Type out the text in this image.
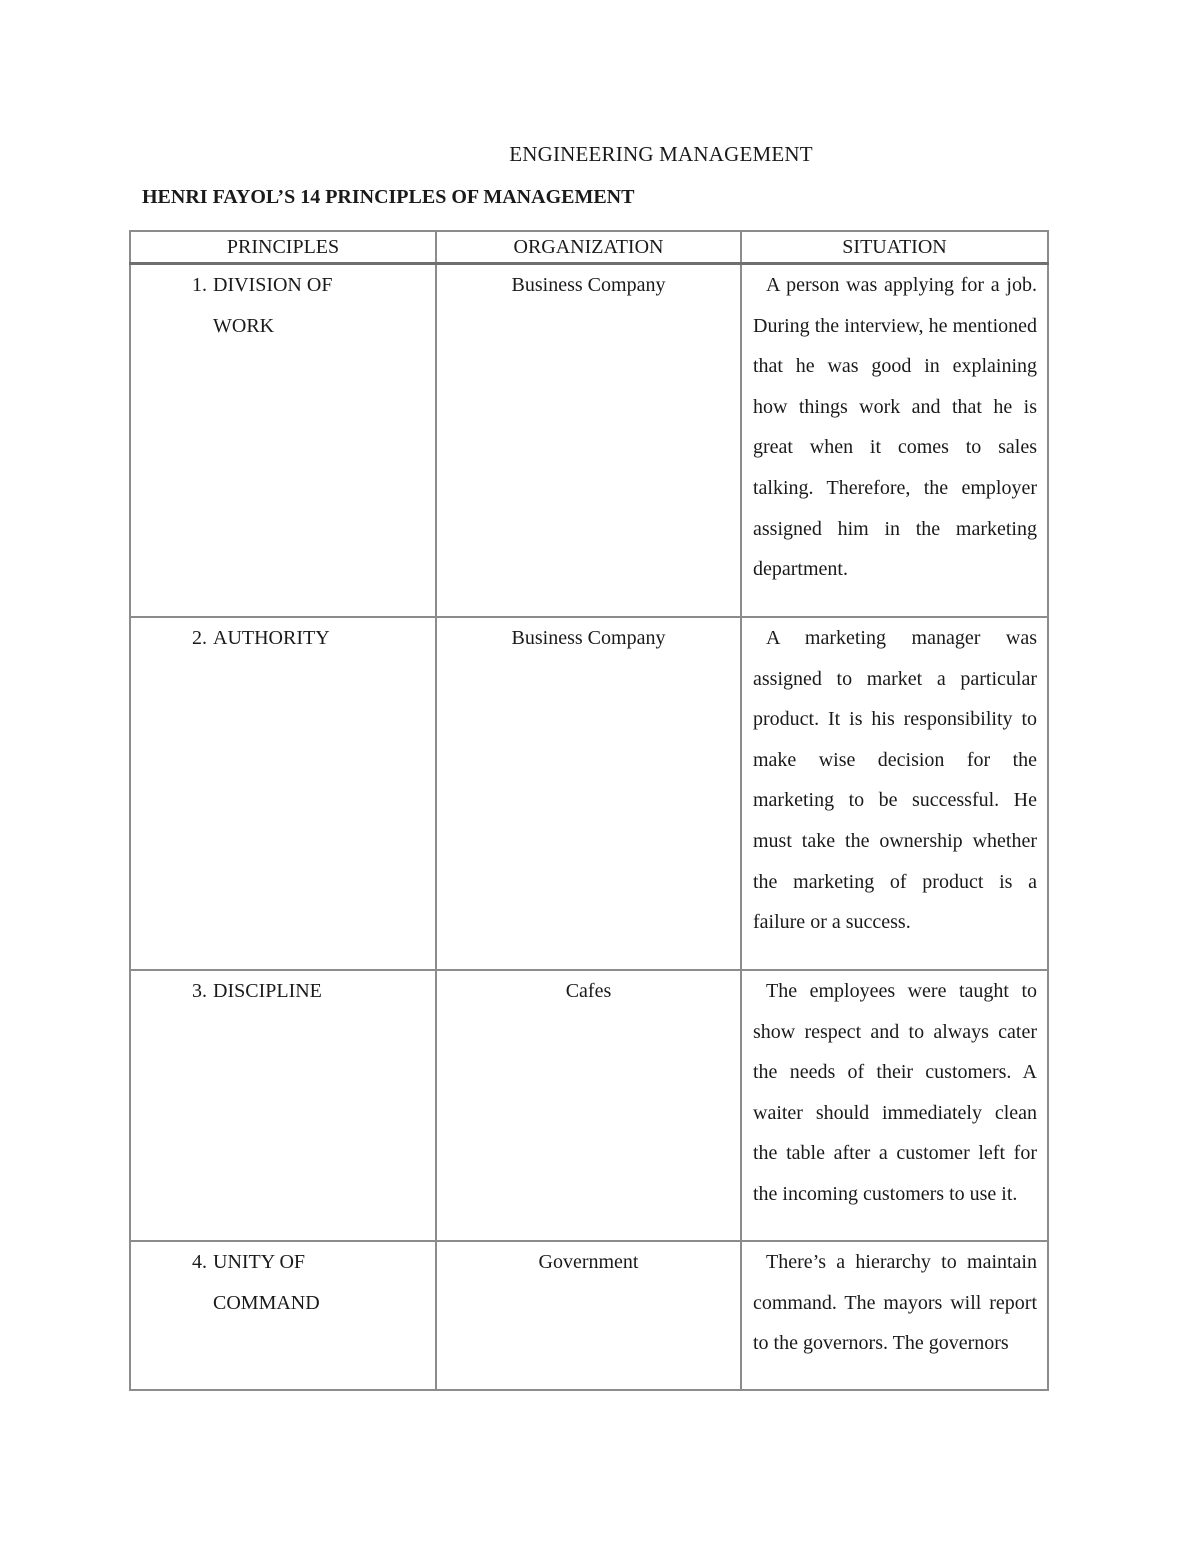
ENGINEERING MANAGEMENT
HENRI FAYOL’S 14 PRINCIPLES OF MANAGEMENT
PRINCIPLES	ORGANIZATION	SITUATION

1. DIVISION OF WORK	Business Company	A person was applying for a job. During the interview, he mentioned that he was good in explaining how things work and that he is great when it comes to sales talking. Therefore, the employer assigned him in the marketing department.

2. AUTHORITY	Business Company	A marketing manager was assigned to market a particular product. It is his responsibility to make wise decision for the marketing to be successful. He must take the ownership whether the marketing of product is a failure or a success.

3. DISCIPLINE	Cafes	The employees were taught to show respect and to always cater the needs of their customers. A waiter should immediately clean the table after a customer left for the incoming customers to use it.

4. UNITY OF COMMAND	Government	There’s a hierarchy to maintain command. The mayors will report to the governors. The governors
